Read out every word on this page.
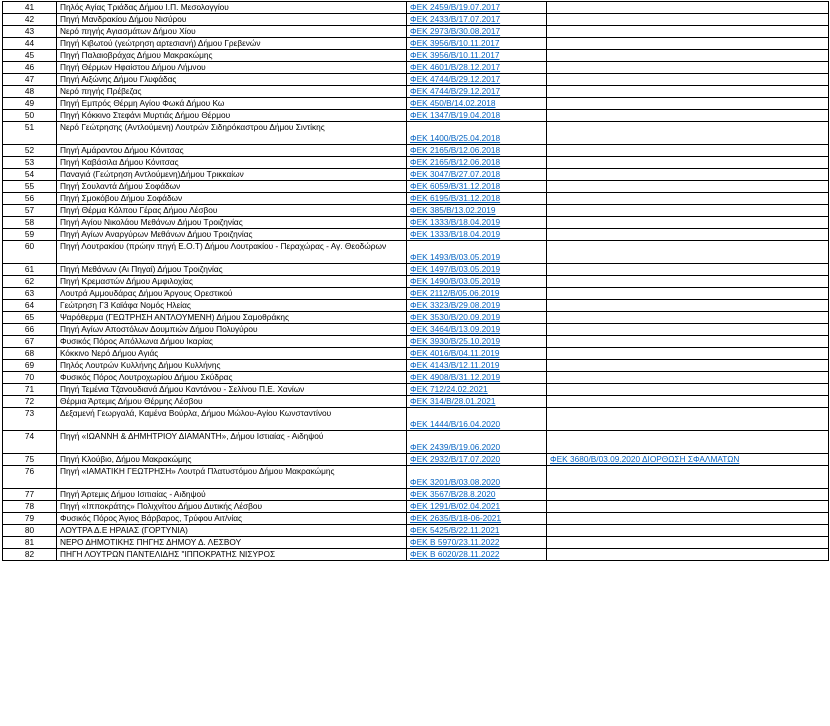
41	Πηλός Αγίας Τριάδας Δήμου Ι.Π. Μεσολογγίου	ΦΕΚ 2459/Β/19.07.2017	
42	Πηγή Μανδρακίου Δήμου Νισύρου	ΦΕΚ 2433/Β/17.07.2017	
43	Νερό πηγής Αγιασμάτων Δήμου Χίου	ΦΕΚ 2973/Β/30.08.2017	
44	Πηγή Κιβωτού (γεώτρηση αρτεσιανή) Δήμου Γρεβενών	ΦΕΚ 3956/Β/10.11.2017	
45	Πηγή Παλαιοβράχας Δήμου Μακρακώμης	ΦΕΚ 3956/Β/10.11.2017	
46	Πηγή Θέρμων Ηφαίστου Δήμου Λήμνου	ΦΕΚ 4601/Β/28.12.2017	
47	Πηγή Αιξώνης Δήμου Γλυφάδας	ΦΕΚ 4744/Β/29.12.2017	
48	Νερό πηγής Πρέβεζας	ΦΕΚ 4744/Β/29.12.2017	
49	Πηγή Εμπρός Θέρμη Αγίου Φωκά Δήμου Κω	ΦΕΚ 450/Β/14.02.2018	
50	Πηγή Κόκκινο Στεφάνι Μυρτιάς Δήμου Θέρμου	ΦΕΚ 1347/Β/19.04.2018	
51	Νερό Γεώτρησης (Αντλούμενη) Λουτρών Σιδηρόκαστρου Δήμου Σιντίκης	ΦΕΚ 1400/Β/25.04.2018	
52	Πηγή Αμάραντου Δήμου Κόνιτσας	ΦΕΚ 2165/Β/12.06.2018	
53	Πηγή Καβάσιλα Δήμου Κόνιτσας	ΦΕΚ 2165/Β/12.06.2018	
54	Παναγιά (Γεώτρηση Αντλούμενη)Δήμου Τρικκαίων	ΦΕΚ 3047/Β/27.07.2018	
55	Πηγή Σουλαντά Δήμου Σοφάδων	ΦΕΚ 6059/Β/31.12.2018	
56	Πηγή Σμοκόβου Δήμου Σοφάδων	ΦΕΚ 6195/Β/31.12.2018	
57	Πηγή Θέρμα Κόλπου Γέρας Δήμου Λέσβου	ΦΕΚ 385/Β/13.02.2019	
58	Πηγή Αγίου Νικολάου Μεθάνων Δήμου Τροιζηνίας	ΦΕΚ 1333/Β/18.04.2019	
59	Πηγή Αγίων Αναργύρων Μεθάνων Δήμου Τροιζηνίας	ΦΕΚ 1333/Β/18.04.2019	
60	Πηγή Λουτρακίου (πρώην πηγή Ε.Ο.Τ) Δήμου Λουτρακίου - Περαχώρας - Αγ. Θεοδώρων	ΦΕΚ 1493/Β/03.05.2019	
61	Πηγή Μεθάνων (Αι Πηγαί) Δήμου Τροιζηνίας	ΦΕΚ 1497/Β/03.05.2019	
62	Πηγή Κρεμαστών Δήμου Αμφιλοχίας	ΦΕΚ 1490/Β/03.05.2019	
63	Λουτρά Αμμουδάρας Δήμου Άργους Ορεστικού	ΦΕΚ 2112/Β/05.06.2019	
64	Γεώτρηση Γ3 Καϊάφα Νομός Ηλείας	ΦΕΚ 3323/Β/29.08.2019	
65	Ψαρόθερμα (ΓΕΩΤΡΗΣΗ ΑΝΤΛΟΥΜΕΝΗ) Δήμου Σαμοθράκης	ΦΕΚ 3530/Β/20.09.2019	
66	Πηγή Αγίων Αποστόλων Δουμπιών Δήμου Πολυγύρου	ΦΕΚ 3464/Β/13.09.2019	
67	Φυσικός Πόρος Απόλλωνα Δήμου Ικαρίας	ΦΕΚ 3930/Β/25.10.2019	
68	Κόκκινο Νερό Δήμου Αγιάς	ΦΕΚ 4016/Β/04.11.2019	
69	Πηλός Λουτρών Κυλλήνης Δήμου Κυλλήνης	ΦΕΚ 4143/Β/12.11.2019	
70	Φυσικός Πόρος Λουτροχωρίου Δήμου Σκύδρας	ΦΕΚ 4908/Β/31.12.2019	
71	Πηγή Τεμένια Τζανουδιανά Δήμου Καντάνου - Σελίνου Π.Ε. Χανίων	ΦΕΚ 712/24.02.2021	
72	Θέρμια Άρτεμις Δήμου Θέρμης Λέσβου	ΦΕΚ 314/Β/28.01.2021	
73	Δεξαμενή Γεωργαλά, Καμένα Βούρλα, Δήμου Μώλου-Αγίου Κωνσταντίνου	ΦΕΚ 1444/Β/16.04.2020	
74	Πηγή «ΙΩΑΝΝΗ & ΔΗΜΗΤΡΙΟΥ ΔΙΑΜΑΝΤΗ», Δήμου Ιστιαίας - Αιδηψού	ΦΕΚ 2439/Β/19.06.2020	
75	Πηγή Κλούβιο, Δήμου Μακρακώμης	ΦΕΚ 2932/Β/17.07.2020	ΦΕΚ 3680/Β/03.09.2020 ΔΙΟΡΘΩΣΗ ΣΦΑΛΜΑΤΩΝ
76	Πηγή «ΙΑΜΑΤΙΚΗ ΓΕΩΤΡΗΣΗ» Λουτρά Πλατυστόμου Δήμου Μακρακώμης	ΦΕΚ 3201/Β/03.08.2020	
77	Πηγή Άρτεμις Δήμου Ισιτιαίας - Αιδηψού	ΦΕΚ 3567/Β/28.8.2020	
78	Πηγή «Ιπποκράτης» Πολιχνίτου Δήμου Δυτικής Λέσβου	ΦΕΚ 1291/Β/02.04.2021	
79	Φυσικός Πόρος Άγιος Βάρβαρος, Τρύφου Αιτ/νίας	ΦΕΚ 2635/Β/18-06-2021	
80	ΛΟΥΤΡΑ Δ.Ε ΗΡΑΙΑΣ (ΓΟΡΤΥΝΙΑ)	ΦΕΚ 5425/Β/22.11.2021	
81	ΝΕΡΟ ΔΗΜΟΤΙΚΗΣ ΠΗΓΗΣ ΔΗΜΟΥ Δ. ΛΕΣΒΟΥ	ΦΕΚ Β 5970/23.11.2022	
82	ΠΗΓΗ ΛΟΥΤΡΩΝ ΠΑΝΤΕΛΙΔΗΣ "ΙΠΠΟΚΡΑΤΗΣ ΝΙΣΥΡΟΣ	ΦΕΚ Β 6020/28.11.2022	
